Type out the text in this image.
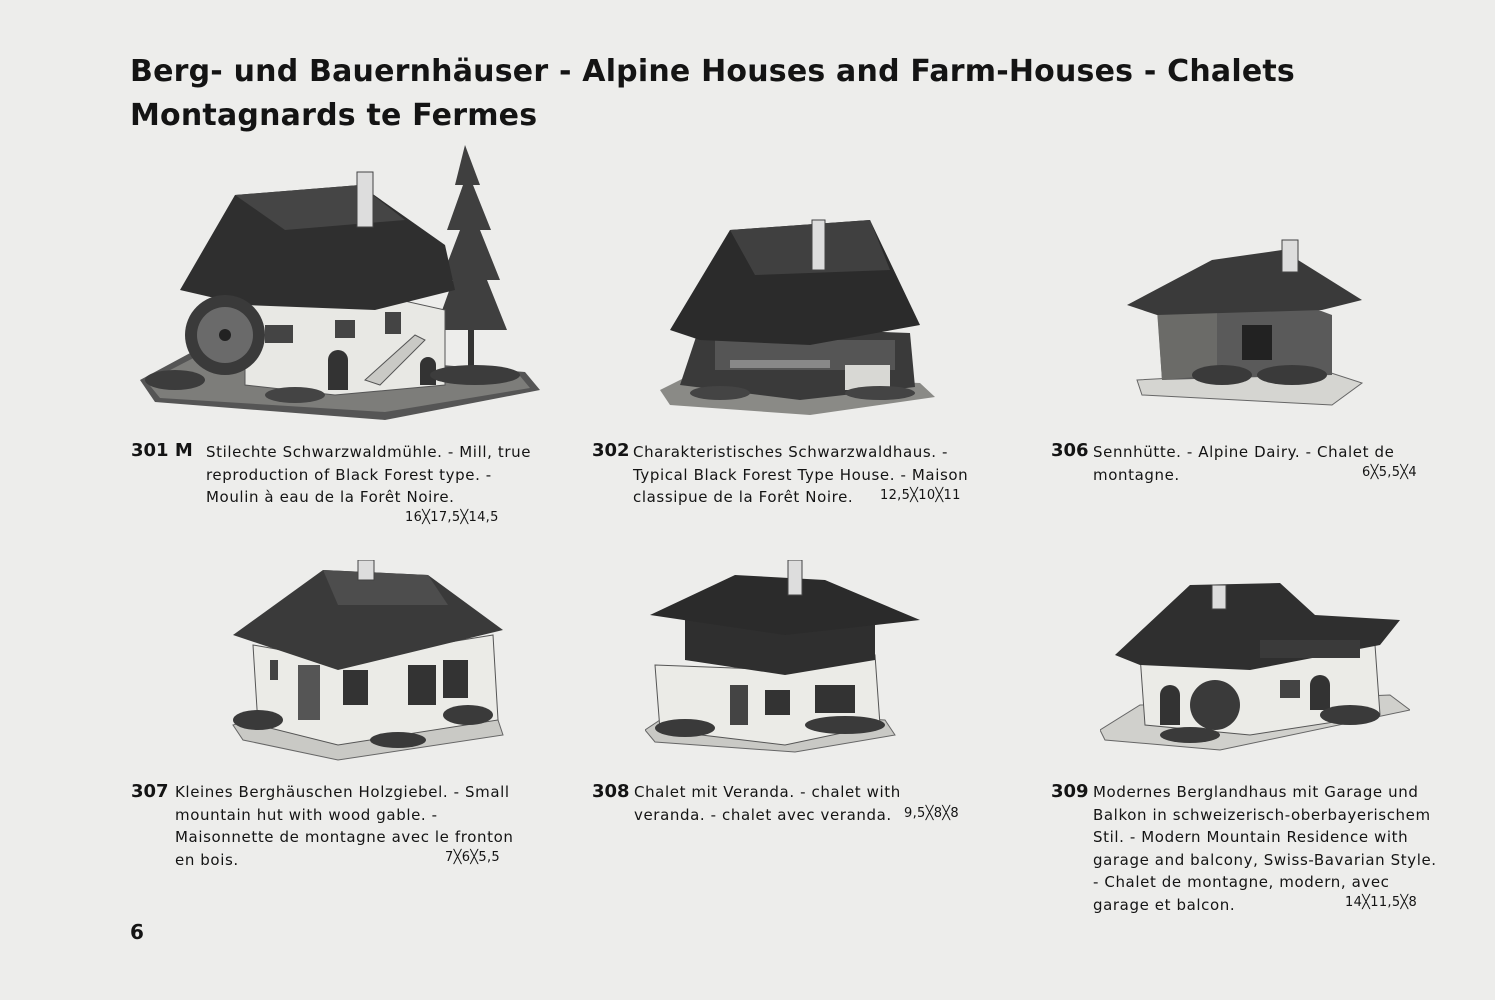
Berg- und Bauernhäuser - Alpine Houses and Farm-Houses - Chalets Montagnards te Fermes
301 M Stilechte Schwarzwaldmühle. - Mill, true reproduction of Black Forest type. - Moulin à eau de la Forêt Noire.
16╳17,5╳14,5
302 Charakteristisches Schwarzwaldhaus. - Typical Black Forest Type House. - Maison classipue de la Forêt Noire.	12,5╳10╳11
306 Sennhütte. - Alpine Dairy. - Chalet de montagne.	6╳5,5╳4
307 Kleines Berghäuschen Holzgiebel. - Small mountain hut with wood gable. - Maisonnette de montagne avec le fronton en bois.	7╳6╳5,5
308 Chalet mit Veranda. - chalet with veranda. - chalet avec veranda. 9,5╳8╳8
309 Modernes Berglandhaus mit Garage und Balkon in schweizerisch-oberbayerischem Stil. - Modern Mountain Residence with garage and balcony, Swiss-Bavarian Style. - Chalet de montagne, modern, avec garage et balcon.	14╳11,5╳8
6
